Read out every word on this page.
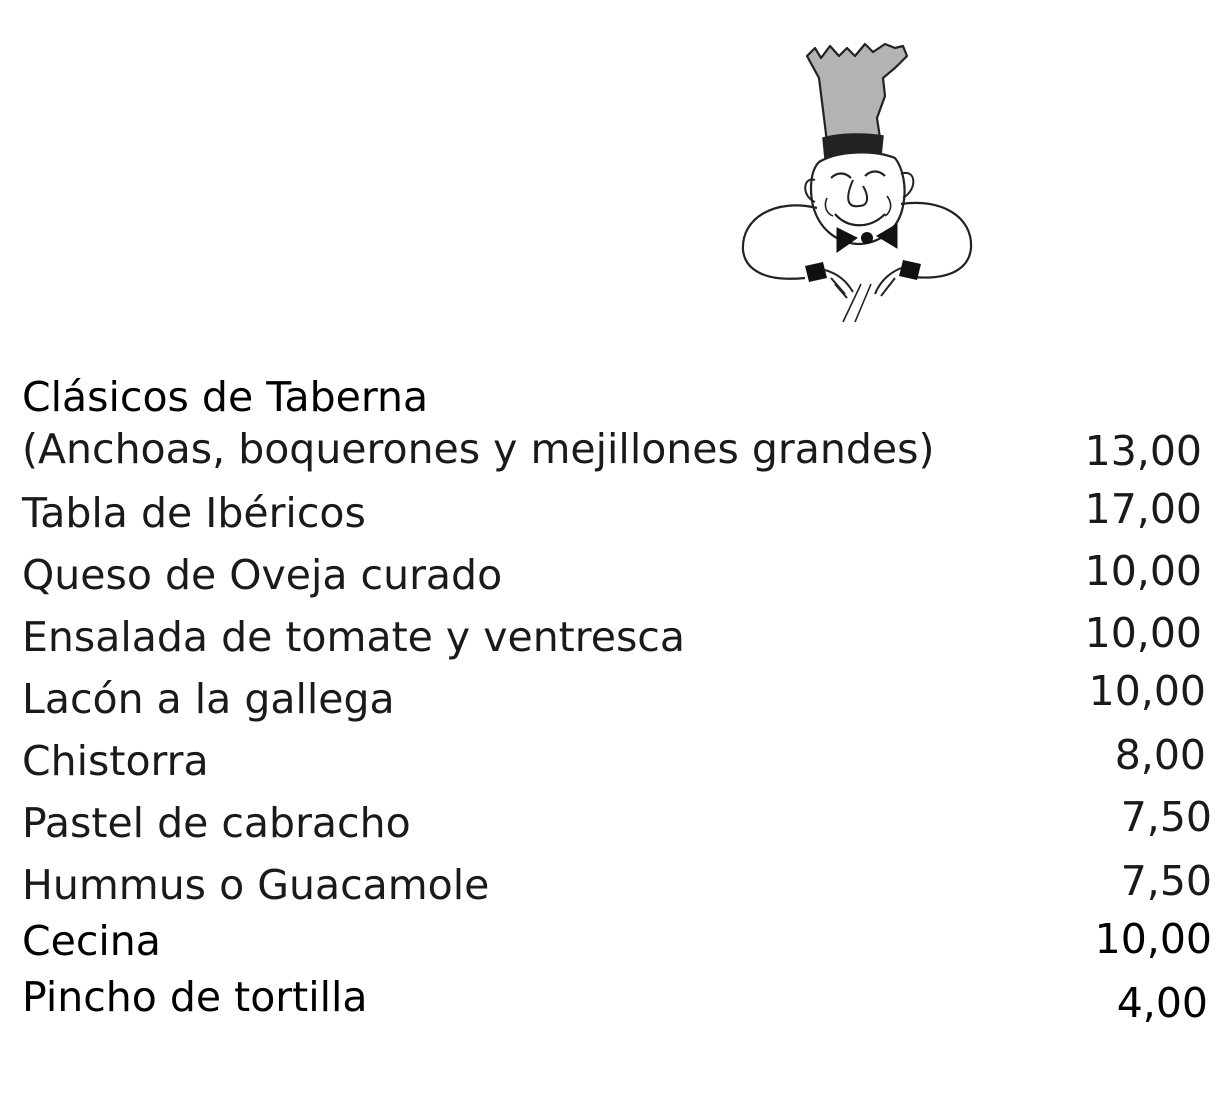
Clásicos de Taberna
(Anchoas, boquerones y mejillones grandes)	13,00
Tabla de Ibéricos	17,00
Queso de Oveja curado	10,00
Ensalada de tomate y ventresca	10,00
Lacón a la gallega	10,00
Chistorra	8,00
Pastel de cabracho	7,50
Hummus o Guacamole	7,50
Cecina	10,00
Pincho de tortilla	4,00
